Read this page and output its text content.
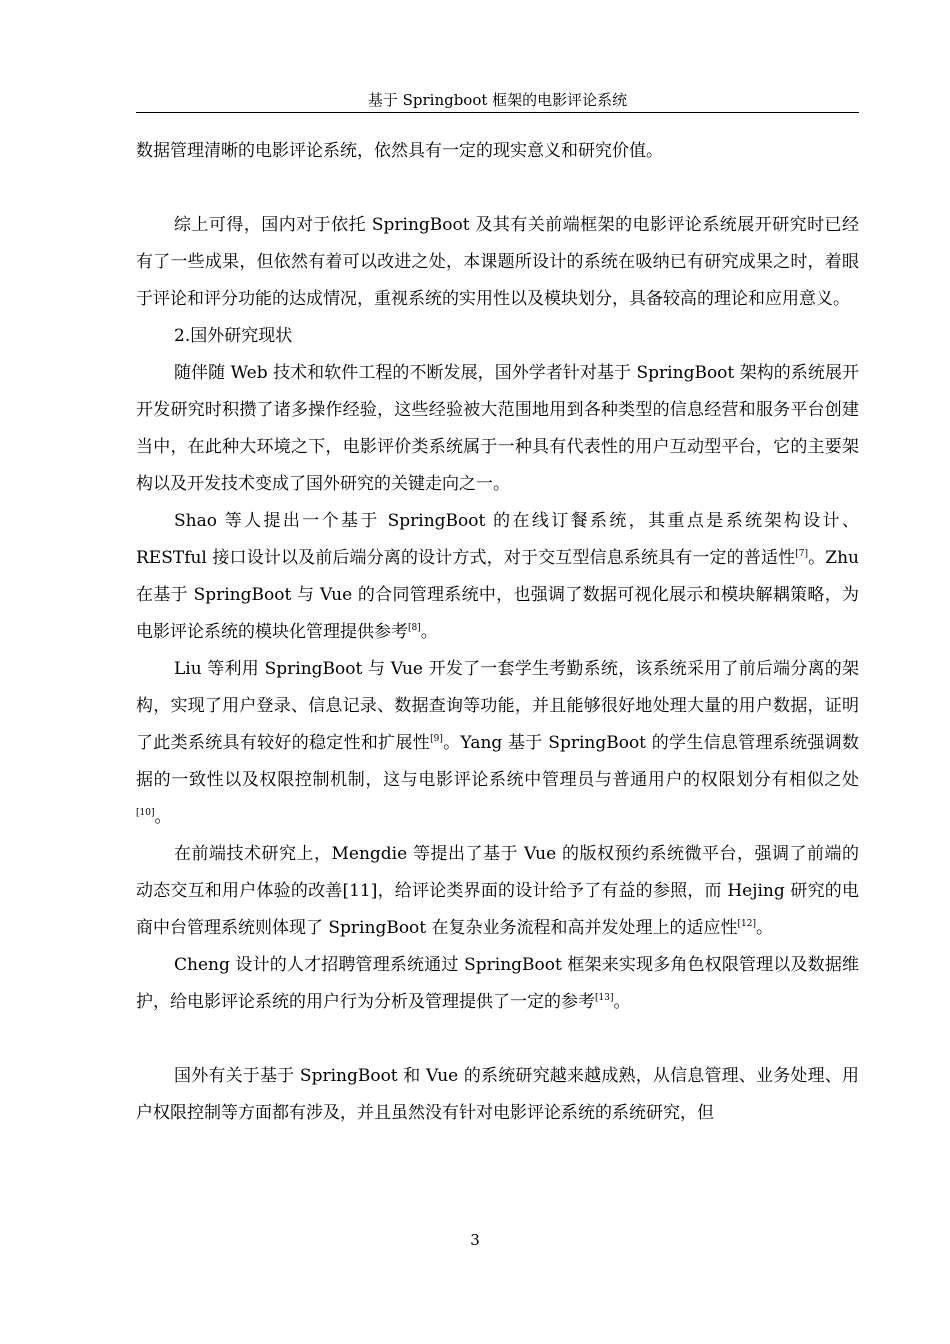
基于 Springboot 框架的电影评论系统

数据管理清晰的电影评论系统，依然具有一定的现实意义和研究价值。

综上可得，国内对于依托 SpringBoot 及其有关前端框架的电影评论系统展开研究时已经有了一些成果，但依然有着可以改进之处，本课题所设计的系统在吸纳已有研究成果之时，着眼于评论和评分功能的达成情况，重视系统的实用性以及模块划分，具备较高的理论和应用意义。

2.国外研究现状

随伴随 Web 技术和软件工程的不断发展，国外学者针对基于 SpringBoot 架构的系统展开开发研究时积攒了诸多操作经验，这些经验被大范围地用到各种类型的信息经营和服务平台创建当中，在此种大环境之下，电影评价类系统属于一种具有代表性的用户互动型平台，它的主要架构以及开发技术变成了国外研究的关键走向之一。

Shao 等人提出一个基于 SpringBoot 的在线订餐系统，其重点是系统架构设计、RESTful 接口设计以及前后端分离的设计方式，对于交互型信息系统具有一定的普适性[7]。Zhu 在基于 SpringBoot 与 Vue 的合同管理系统中，也强调了数据可视化展示和模块解耦策略，为电影评论系统的模块化管理提供参考[8]。

Liu 等利用 SpringBoot 与 Vue 开发了一套学生考勤系统，该系统采用了前后端分离的架构，实现了用户登录、信息记录、数据查询等功能，并且能够很好地处理大量的用户数据，证明了此类系统具有较好的稳定性和扩展性[9]。Yang 基于 SpringBoot 的学生信息管理系统强调数据的一致性以及权限控制机制，这与电影评论系统中管理员与普通用户的权限划分有相似之处[10]。

在前端技术研究上，Mengdie 等提出了基于 Vue 的版权预约系统微平台，强调了前端的动态交互和用户体验的改善[11]，给评论类界面的设计给予了有益的参照，而 Hejing 研究的电商中台管理系统则体现了 SpringBoot 在复杂业务流程和高并发处理上的适应性[12]。

Cheng 设计的人才招聘管理系统通过 SpringBoot 框架来实现多角色权限管理以及数据维护，给电影评论系统的用户行为分析及管理提供了一定的参考[13]。

国外有关于基于 SpringBoot 和 Vue 的系统研究越来越成熟，从信息管理、业务处理、用户权限控制等方面都有涉及，并且虽然没有针对电影评论系统的系统研究，但

3
